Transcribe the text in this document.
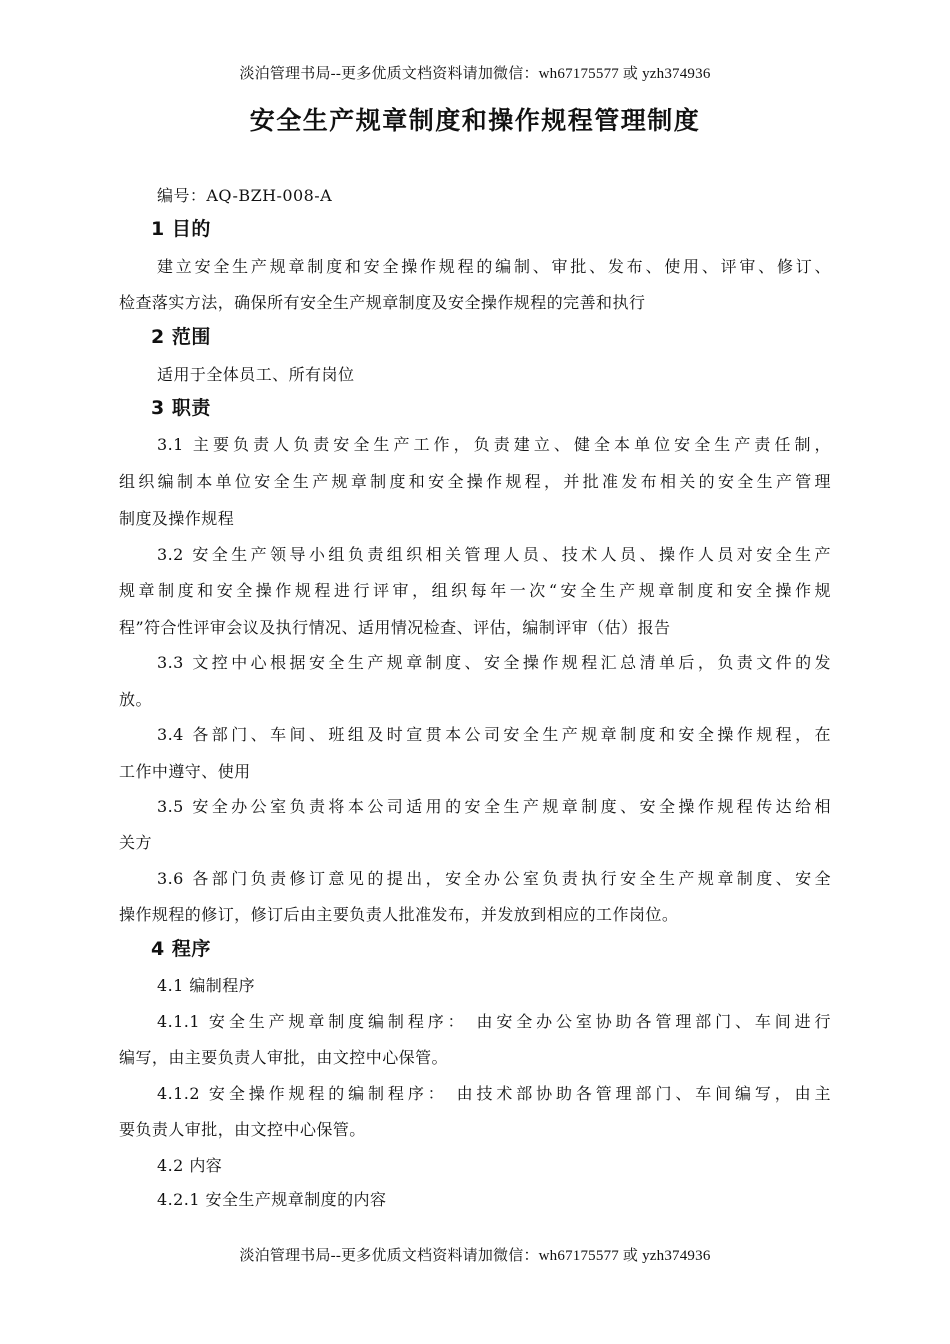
淡泊管理书局--更多优质文档资料请加微信：wh67175577 或 yzh374936
安全生产规章制度和操作规程管理制度
编号：AQ-BZH-008-A
1 目的
建立安全生产规章制度和安全操作规程的编制、审批、发布、使用、评审、修订、
检查落实方法，确保所有安全生产规章制度及安全操作规程的完善和执行
2 范围
适用于全体员工、所有岗位
3 职责
3.1 主要负责人负责安全生产工作，负责建立、健全本单位安全生产责任制，
组织编制本单位安全生产规章制度和安全操作规程，并批准发布相关的安全生产管理
制度及操作规程
3.2 安全生产领导小组负责组织相关管理人员、技术人员、操作人员对安全生产
规章制度和安全操作规程进行评审，组织每年一次“安全生产规章制度和安全操作规
程”符合性评审会议及执行情况、适用情况检查、评估，编制评审（估）报告
3.3 文控中心根据安全生产规章制度、安全操作规程汇总清单后，负责文件的发
放。
3.4 各部门、车间、班组及时宣贯本公司安全生产规章制度和安全操作规程，在
工作中遵守、使用
3.5 安全办公室负责将本公司适用的安全生产规章制度、安全操作规程传达给相
关方
3.6 各部门负责修订意见的提出，安全办公室负责执行安全生产规章制度、安全
操作规程的修订，修订后由主要负责人批准发布，并发放到相应的工作岗位。
4 程序
4.1 编制程序
4.1.1 安全生产规章制度编制程序： 由安全办公室协助各管理部门、车间进行
编写，由主要负责人审批，由文控中心保管。
4.1.2 安全操作规程的编制程序： 由技术部协助各管理部门、车间编写，由主
要负责人审批，由文控中心保管。
4.2 内容
4.2.1 安全生产规章制度的内容
淡泊管理书局--更多优质文档资料请加微信：wh67175577 或 yzh374936
